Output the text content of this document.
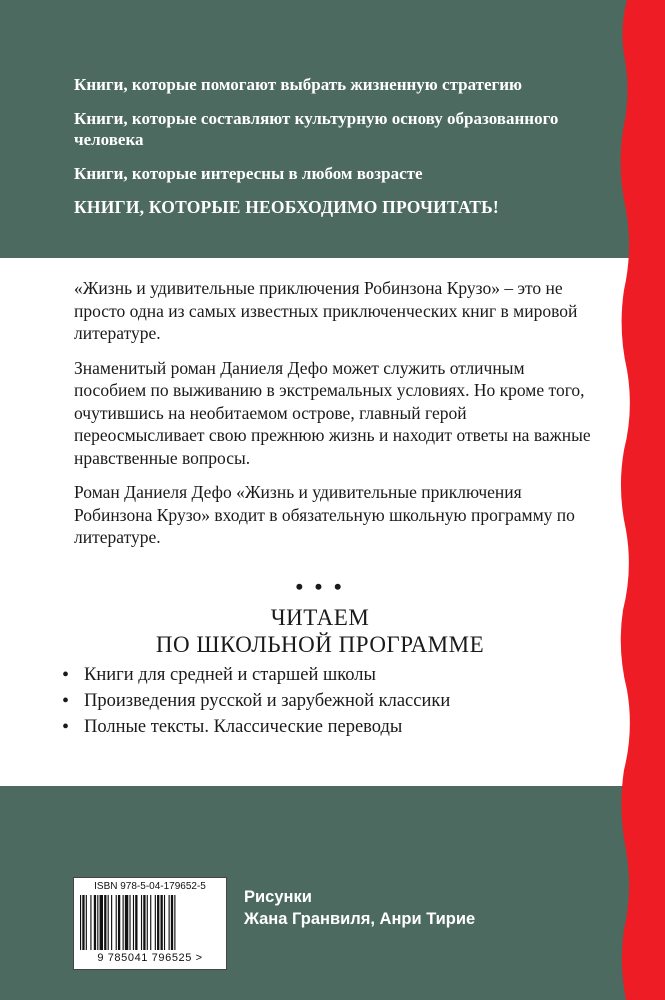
Книги, которые помогают выбрать жизненную стратегию

Книги, которые составляют культурную основу образованного человека

Книги, которые интересны в любом возрасте

КНИГИ, КОТОРЫЕ НЕОБХОДИМО ПРОЧИТАТЬ!

«Жизнь и удивительные приключения Робинзона Крузо» – это не просто одна из самых известных приключенческих книг в мировой литературе.

Знаменитый роман Даниеля Дефо может служить отличным пособием по выживанию в экстремальных условиях. Но кроме того, очутившись на необитаемом острове, главный герой переосмысливает свою прежнюю жизнь и находит ответы на важные нравственные вопросы.

Роман Даниеля Дефо «Жизнь и удивительные приключения Робинзона Крузо» входит в обязательную школьную программу по литературе.

• • •
ЧИТАЕМ
ПО ШКОЛЬНОЙ ПРОГРАММЕ
• Книги для средней и старшей школы
• Произведения русской и зарубежной классики
• Полные тексты. Классические переводы
ISBN 978-5-04-179652-5
9 785041 796525 >
Рисунки
Жана Гранвиля, Анри Тирие
